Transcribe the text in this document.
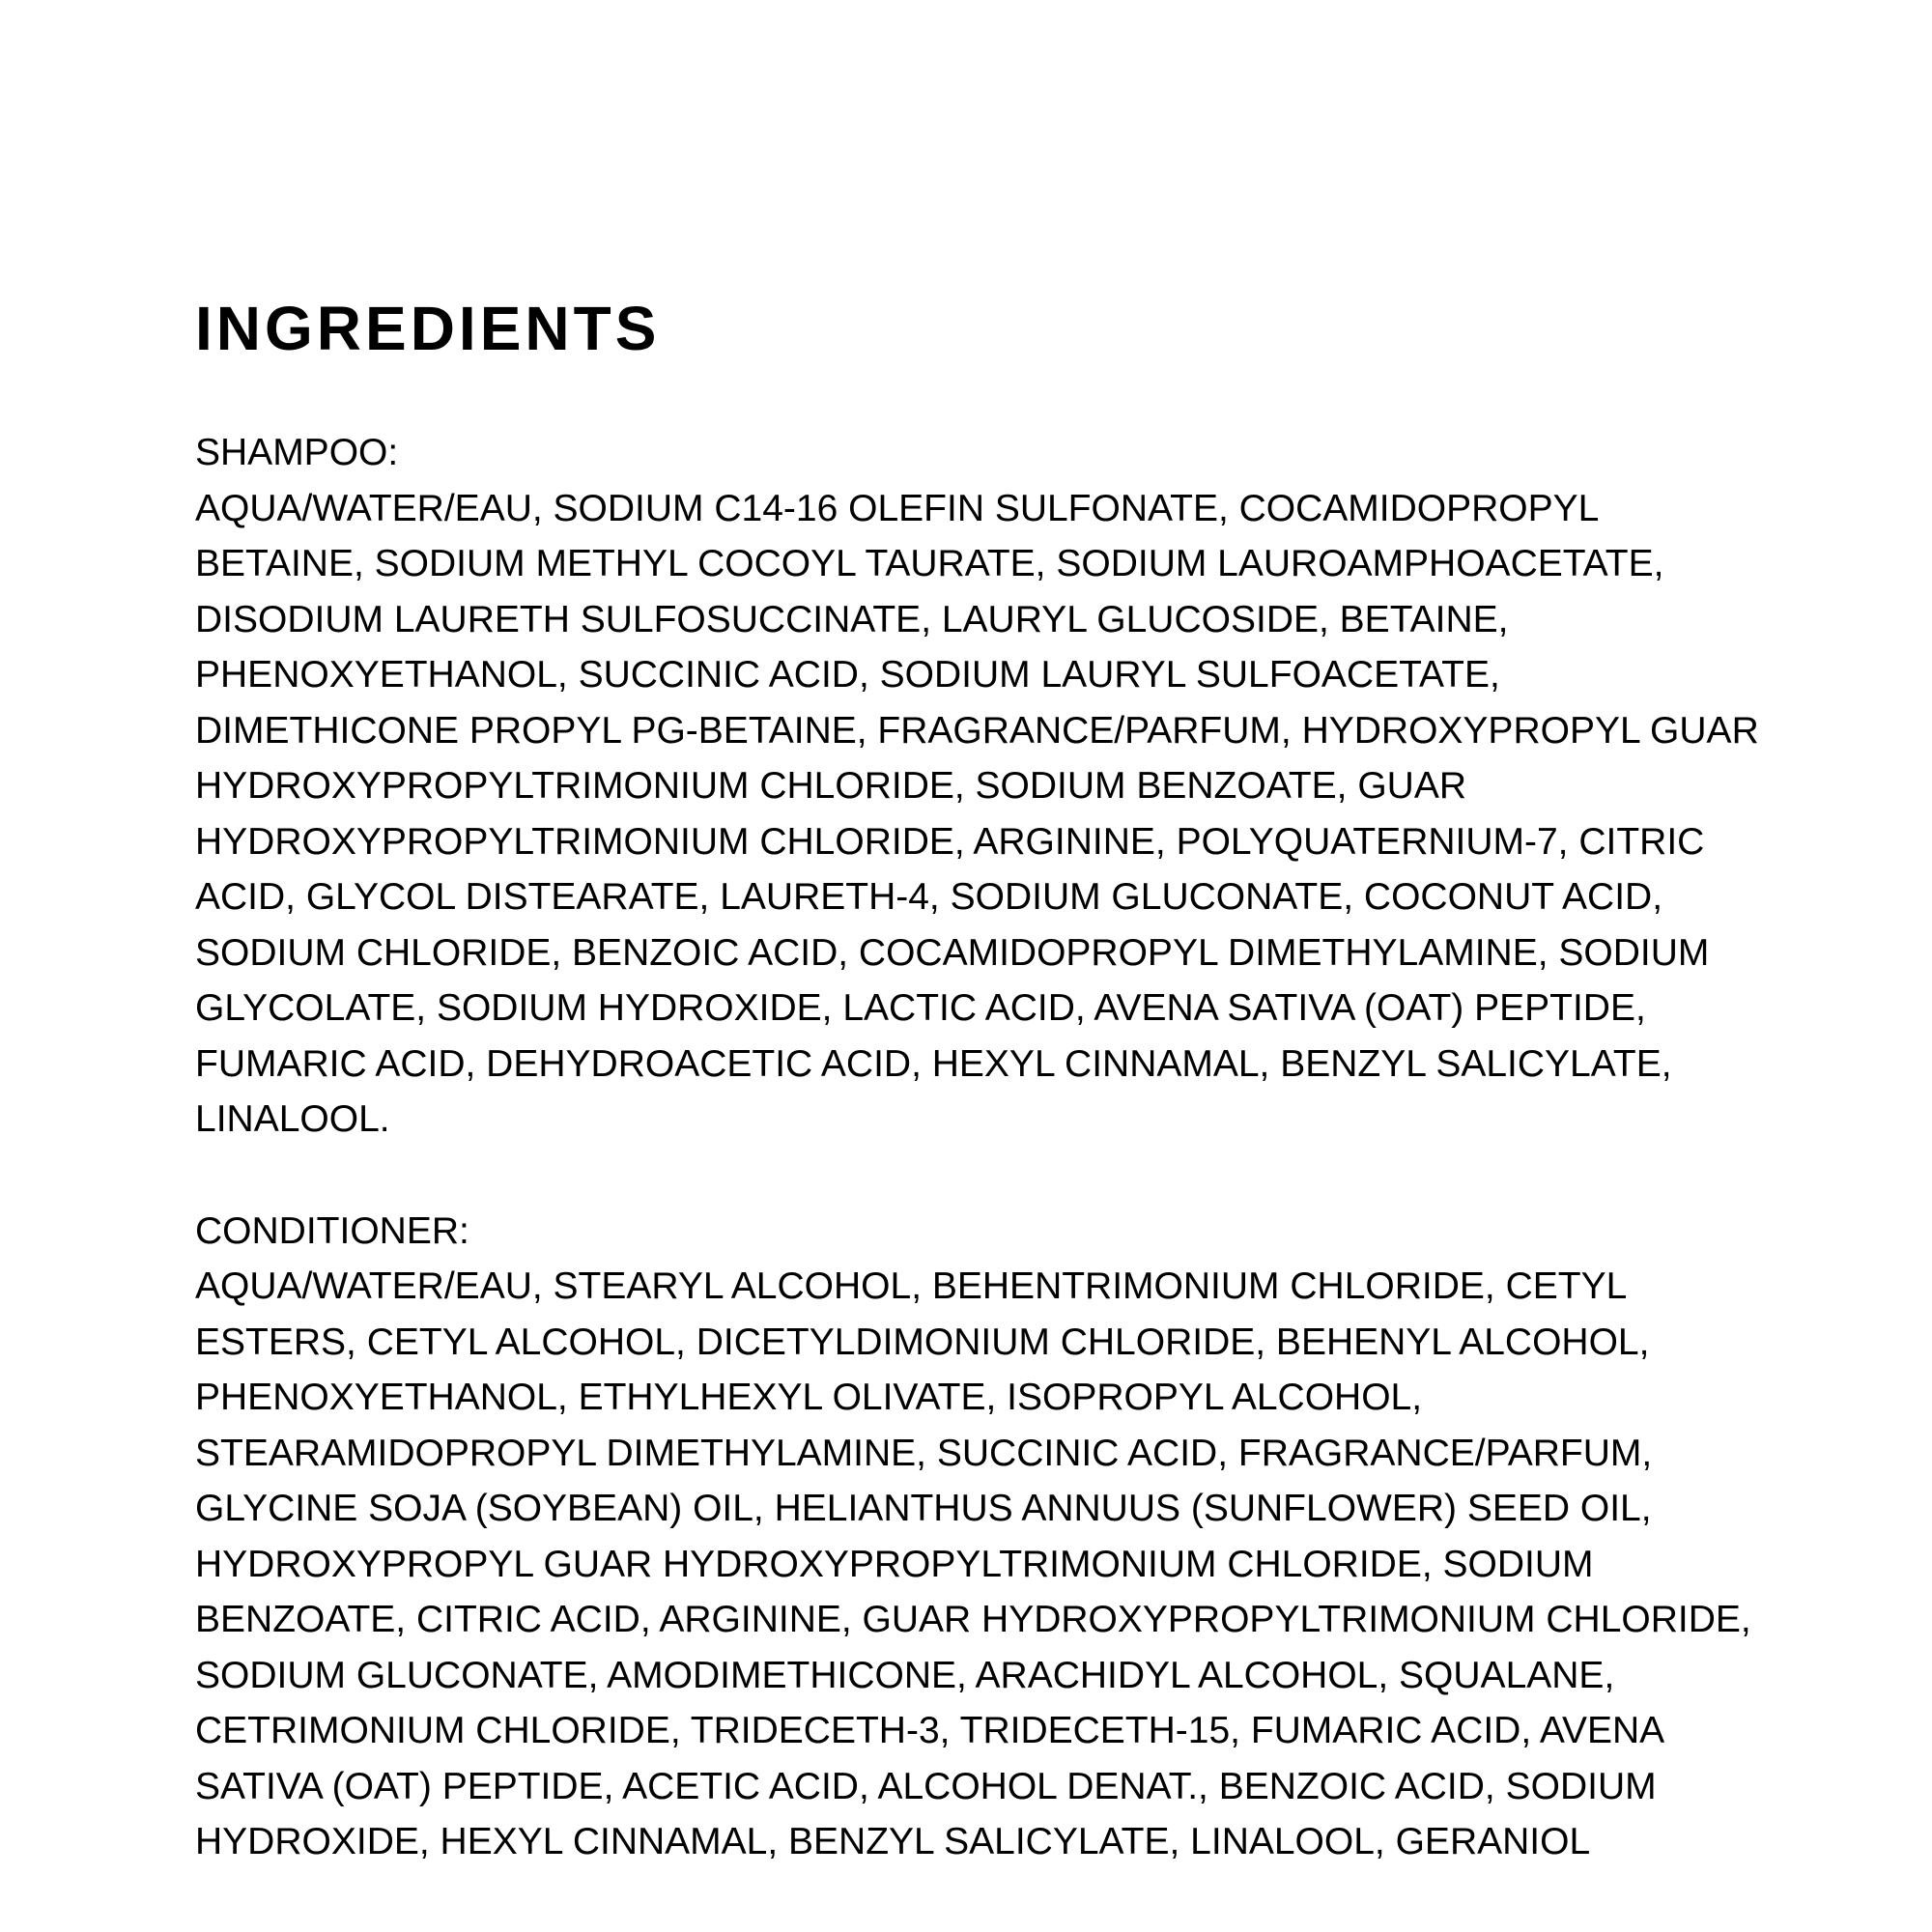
INGREDIENTS

SHAMPOO:

AQUA/WATER/EAU, SODIUM C14-16 OLEFIN SULFONATE, COCAMIDOPROPYL BETAINE, SODIUM METHYL COCOYL TAURATE, SODIUM LAUROAMPHOACETATE, DISODIUM LAURETH SULFOSUCCINATE, LAURYL GLUCOSIDE, BETAINE, PHENOXYETHANOL, SUCCINIC ACID, SODIUM LAURYL SULFOACETATE, DIMETHICONE PROPYL PG-BETAINE, FRAGRANCE/PARFUM, HYDROXYPROPYL GUAR HYDROXYPROPYLTRIMONIUM CHLORIDE, SODIUM BENZOATE, GUAR HYDROXYPROPYLTRIMONIUM CHLORIDE, ARGININE, POLYQUATERNIUM-7, CITRIC ACID, GLYCOL DISTEARATE, LAURETH-4, SODIUM GLUCONATE, COCONUT ACID, SODIUM CHLORIDE, BENZOIC ACID, COCAMIDOPROPYL DIMETHYLAMINE, SODIUM GLYCOLATE, SODIUM HYDROXIDE, LACTIC ACID, AVENA SATIVA (OAT) PEPTIDE, FUMARIC ACID, DEHYDROACETIC ACID, HEXYL CINNAMAL, BENZYL SALICYLATE, LINALOOL.

CONDITIONER:

AQUA/WATER/EAU, STEARYL ALCOHOL, BEHENTRIMONIUM CHLORIDE, CETYL ESTERS, CETYL ALCOHOL, DICETYLDIMONIUM CHLORIDE, BEHENYL ALCOHOL, PHENOXYETHANOL, ETHYLHEXYL OLIVATE, ISOPROPYL ALCOHOL, STEARAMIDOPROPYL DIMETHYLAMINE, SUCCINIC ACID, FRAGRANCE/PARFUM, GLYCINE SOJA (SOYBEAN) OIL, HELIANTHUS ANNUUS (SUNFLOWER) SEED OIL, HYDROXYPROPYL GUAR HYDROXYPROPYLTRIMONIUM CHLORIDE, SODIUM BENZOATE, CITRIC ACID, ARGININE, GUAR HYDROXYPROPYLTRIMONIUM CHLORIDE, SODIUM GLUCONATE, AMODIMETHICONE, ARACHIDYL ALCOHOL, SQUALANE, CETRIMONIUM CHLORIDE, TRIDECETH-3, TRIDECETH-15, FUMARIC ACID, AVENA SATIVA (OAT) PEPTIDE, ACETIC ACID, ALCOHOL DENAT., BENZOIC ACID, SODIUM HYDROXIDE, HEXYL CINNAMAL, BENZYL SALICYLATE, LINALOOL, GERANIOL
